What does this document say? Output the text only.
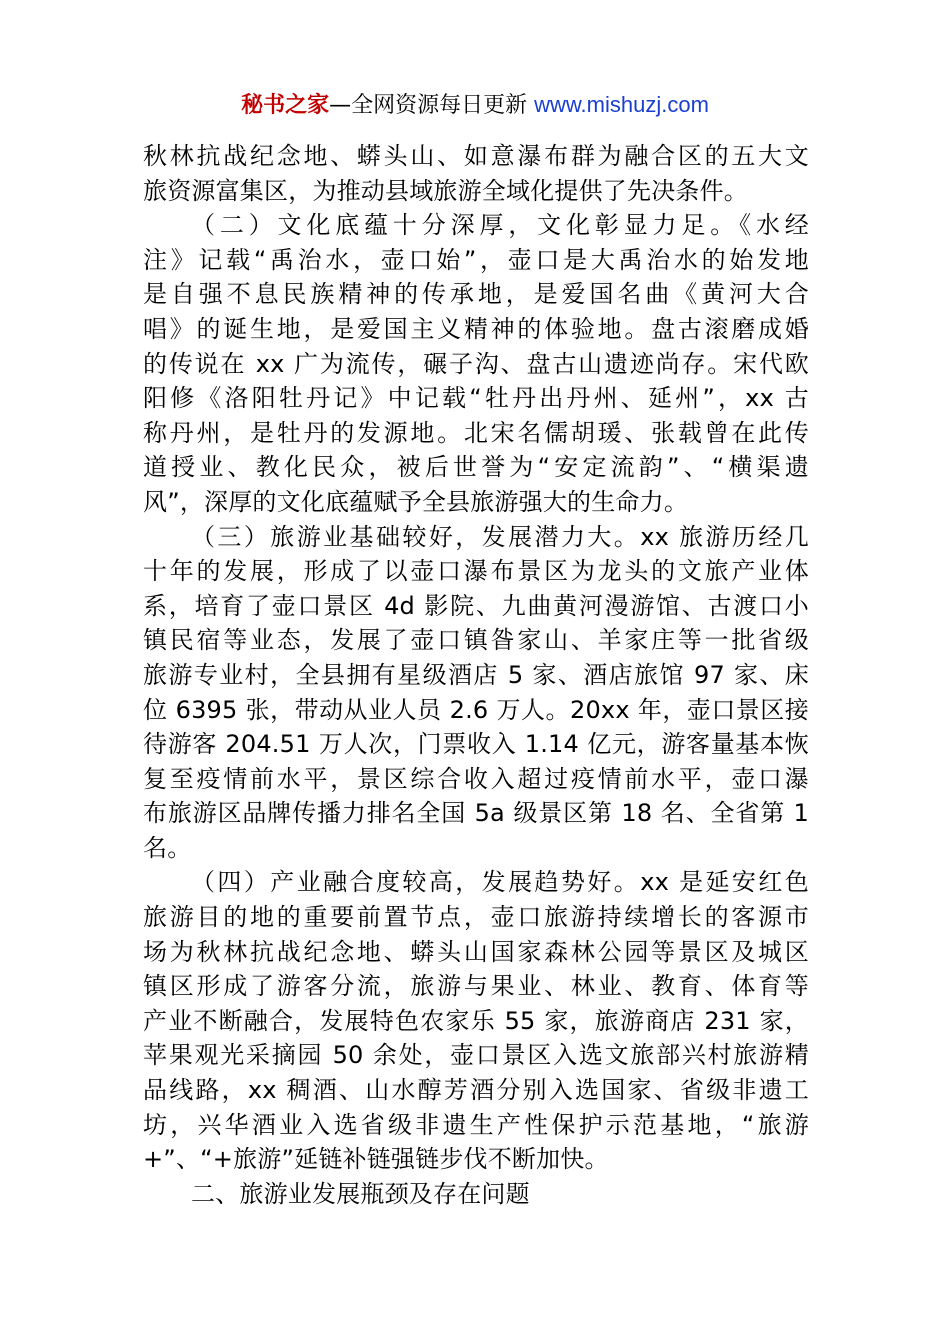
秘书之家—全网资源每日更新 www.mishuzj.com
秋林抗战纪念地、蟒头山、如意瀑布群为融合区的五大文
旅资源富集区，为推动县域旅游全域化提供了先决条件。
（二）文化底蕴十分深厚，文化彰显力足。《水经
注》记载“禹治水，壶口始”，壶口是大禹治水的始发地
是自强不息民族精神的传承地，是爱国名曲《黄河大合
唱》的诞生地，是爱国主义精神的体验地。盘古滚磨成婚
的传说在 xx 广为流传，碾子沟、盘古山遗迹尚存。宋代欧
阳修《洛阳牡丹记》中记载“牡丹出丹州、延州”，xx 古
称丹州，是牡丹的发源地。北宋名儒胡瑗、张载曾在此传
道授业、教化民众，被后世誉为“安定流韵”、“横渠遗
风”，深厚的文化底蕴赋予全县旅游强大的生命力。
（三）旅游业基础较好，发展潜力大。xx 旅游历经几
十年的发展，形成了以壶口瀑布景区为龙头的文旅产业体
系，培育了壶口景区 4d 影院、九曲黄河漫游馆、古渡口小
镇民宿等业态，发展了壶口镇昝家山、羊家庄等一批省级
旅游专业村，全县拥有星级酒店 5 家、酒店旅馆 97 家、床
位 6395 张，带动从业人员 2.6 万人。20xx 年，壶口景区接
待游客 204.51 万人次，门票收入 1.14 亿元，游客量基本恢
复至疫情前水平，景区综合收入超过疫情前水平，壶口瀑
布旅游区品牌传播力排名全国 5a 级景区第 18 名、全省第 1
名。
（四）产业融合度较高，发展趋势好。xx 是延安红色
旅游目的地的重要前置节点，壶口旅游持续增长的客源市
场为秋林抗战纪念地、蟒头山国家森林公园等景区及城区
镇区形成了游客分流，旅游与果业、林业、教育、体育等
产业不断融合，发展特色农家乐 55 家，旅游商店 231 家，
苹果观光采摘园 50 余处，壶口景区入选文旅部兴村旅游精
品线路，xx 稠酒、山水醇芳酒分别入选国家、省级非遗工
坊，兴华酒业入选省级非遗生产性保护示范基地，“旅游
+”、“+旅游”延链补链强链步伐不断加快。
二、旅游业发展瓶颈及存在问题
